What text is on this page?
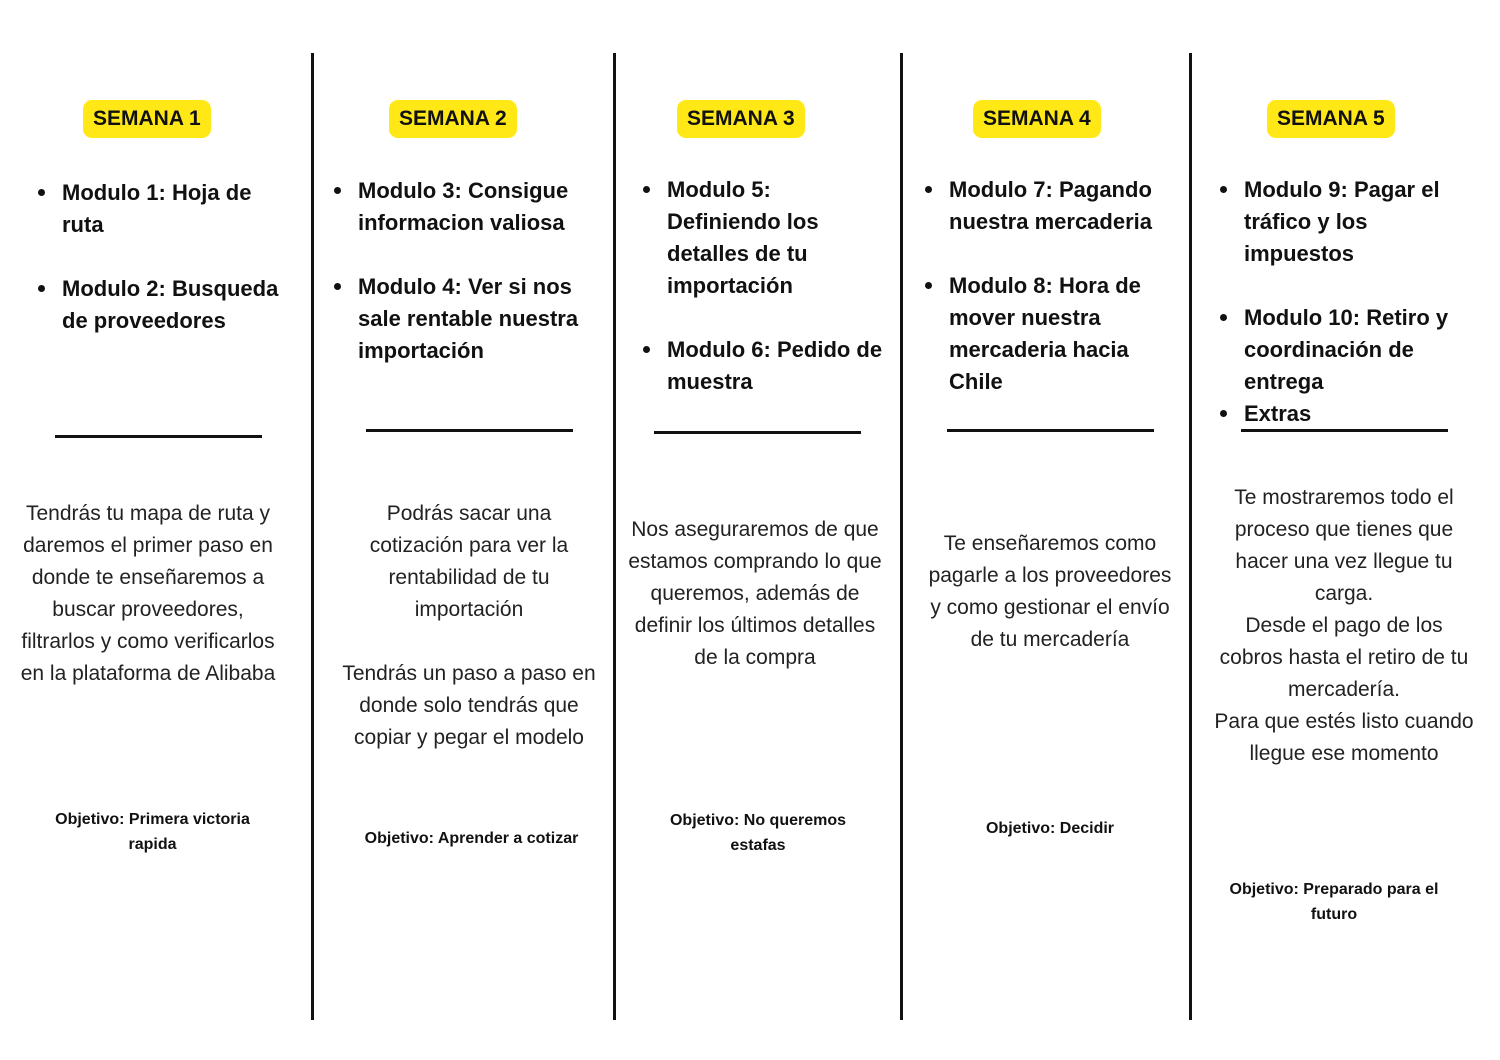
SEMANA 1
Modulo 1: Hoja de ruta
Modulo 2: Busqueda de proveedores

Tendrás tu mapa de ruta y daremos el primer paso en donde te enseñaremos a buscar proveedores, filtrarlos y como verificarlos en la plataforma de Alibaba

Objetivo: Primera victoria rapida
SEMANA 2
Modulo 3: Consigue informacion valiosa
Modulo 4: Ver si nos sale rentable nuestra importación

Podrás sacar una cotización para ver la rentabilidad de tu importación

Tendrás un paso a paso en donde solo tendrás que copiar y pegar el modelo

Objetivo: Aprender a cotizar
SEMANA 3
Modulo 5: Definiendo los detalles de tu importación
Modulo 6: Pedido de muestra

Nos aseguraremos de que estamos comprando lo que queremos, además de definir los últimos detalles de la compra

Objetivo: No queremos estafas
SEMANA 4
Modulo 7: Pagando nuestra mercaderia
Modulo 8: Hora de mover nuestra mercaderia hacia Chile

Te enseñaremos como pagarle a los proveedores y como gestionar el envío de tu mercadería

Objetivo: Decidir
SEMANA 5
Modulo 9: Pagar el tráfico y los impuestos
Modulo 10: Retiro y coordinación de entrega
Extras

Te mostraremos todo el proceso que tienes que hacer una vez llegue tu carga.

Desde el pago de los cobros hasta el retiro de tu mercadería.

Para que estés listo cuando llegue ese momento

Objetivo: Preparado para el futuro
